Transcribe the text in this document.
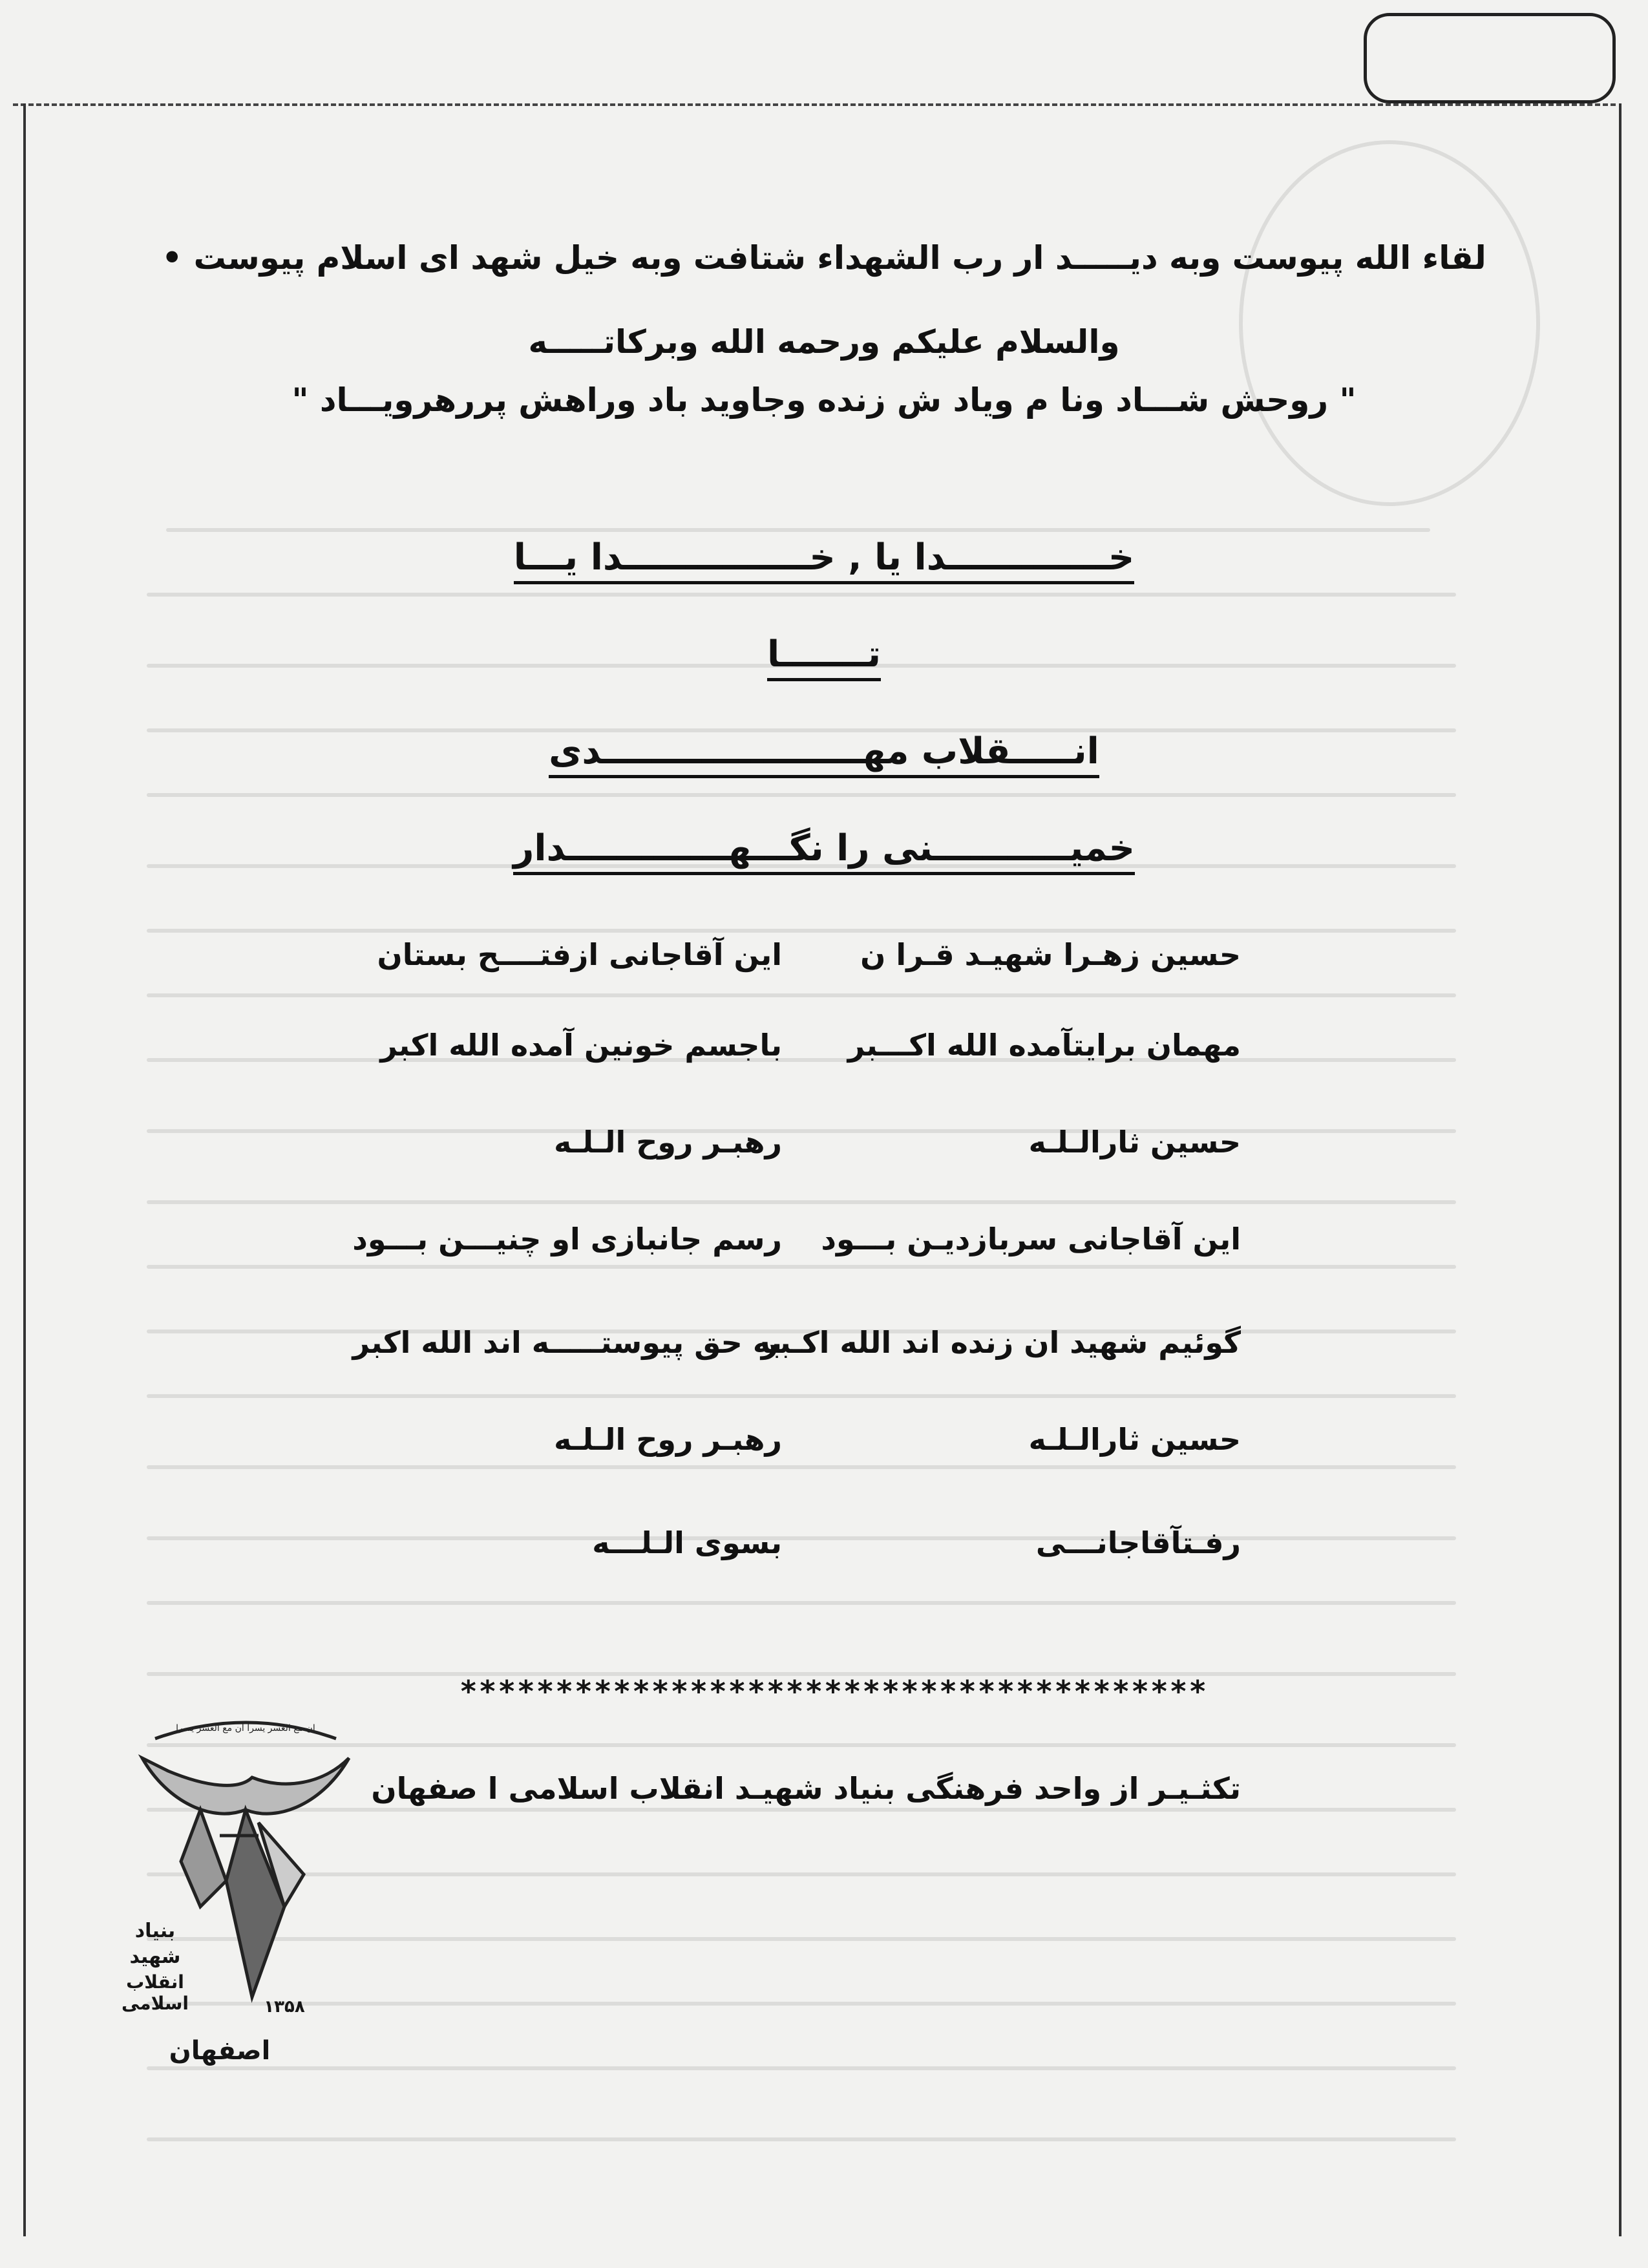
لقاء الله پیوست وبه دیـــــد ار رب الشهداء شتافت وبه خیل شهد ای اسلام پیوست •
والسلام علیکم ورحمه الله وبرکاتـــــه
" روحش شـــاد ونا م ویاد ش زنده وجاوید باد وراهش پررهرویـــاد "
خـــــــــــــدا یا , خـــــــــــــــدا یـــا
تـــــــا
انـــــقلاب مهـــــــــــــــــــــدی
خمیـــــــــــنی را نگـــهـــــــــــــدار
حسین زهـرا شهیـد قـرا ن
این آقاجانی ازفتــــح بستان
مهمان برایتآمده الله اکـــبر
باجسم خونین آمده الله اکبر
حسین ثارالـلـه
رهبـر روح الـلـه
این آقاجانی سربازدیـن بـــود
رسم جانبازی او چنیـــن بـــود
گوئیم شهید ان زنده اند الله اکـبر
به حق پیوستـــــه اند الله اکبر
حسین ثارالـلـه
رهبـر روح الـلـه
رفـتآقاجانـــی
بسوی الـلـــه
***************************************
تکثـیـر از واحد فرهنگی بنیاد شهیـد انقلاب اسلامی ا صفهان
ان مع العسر یسرا ان مع العسر یسرا
بنیاد
شهید
انقلاب اسلامی	۱۳۵۸
اصفهان
